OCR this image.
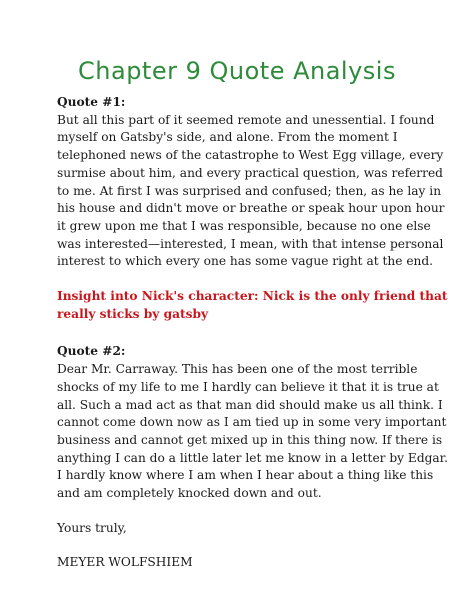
Chapter 9 Quote Analysis

Quote #1:

But all this part of it seemed remote and unessential. I found myself on Gatsby's side, and alone. From the moment I telephoned news of the catastrophe to West Egg village, every surmise about him, and every practical question, was referred to me. At first I was surprised and confused; then, as he lay in his house and didn't move or breathe or speak hour upon hour it grew upon me that I was responsible, because no one else was interested—interested, I mean, with that intense personal interest to which every one has some vague right at the end.

Insight into Nick's character: Nick is the only friend that really sticks by gatsby

Quote #2:

Dear Mr. Carraway. This has been one of the most terrible shocks of my life to me I hardly can believe it that it is true at all. Such a mad act as that man did should make us all think. I cannot come down now as I am tied up in some very important business and cannot get mixed up in this thing now. If there is anything I can do a little later let me know in a letter by Edgar. I hardly know where I am when I hear about a thing like this and am completely knocked down and out.

Yours truly,

MEYER WOLFSHIEM
